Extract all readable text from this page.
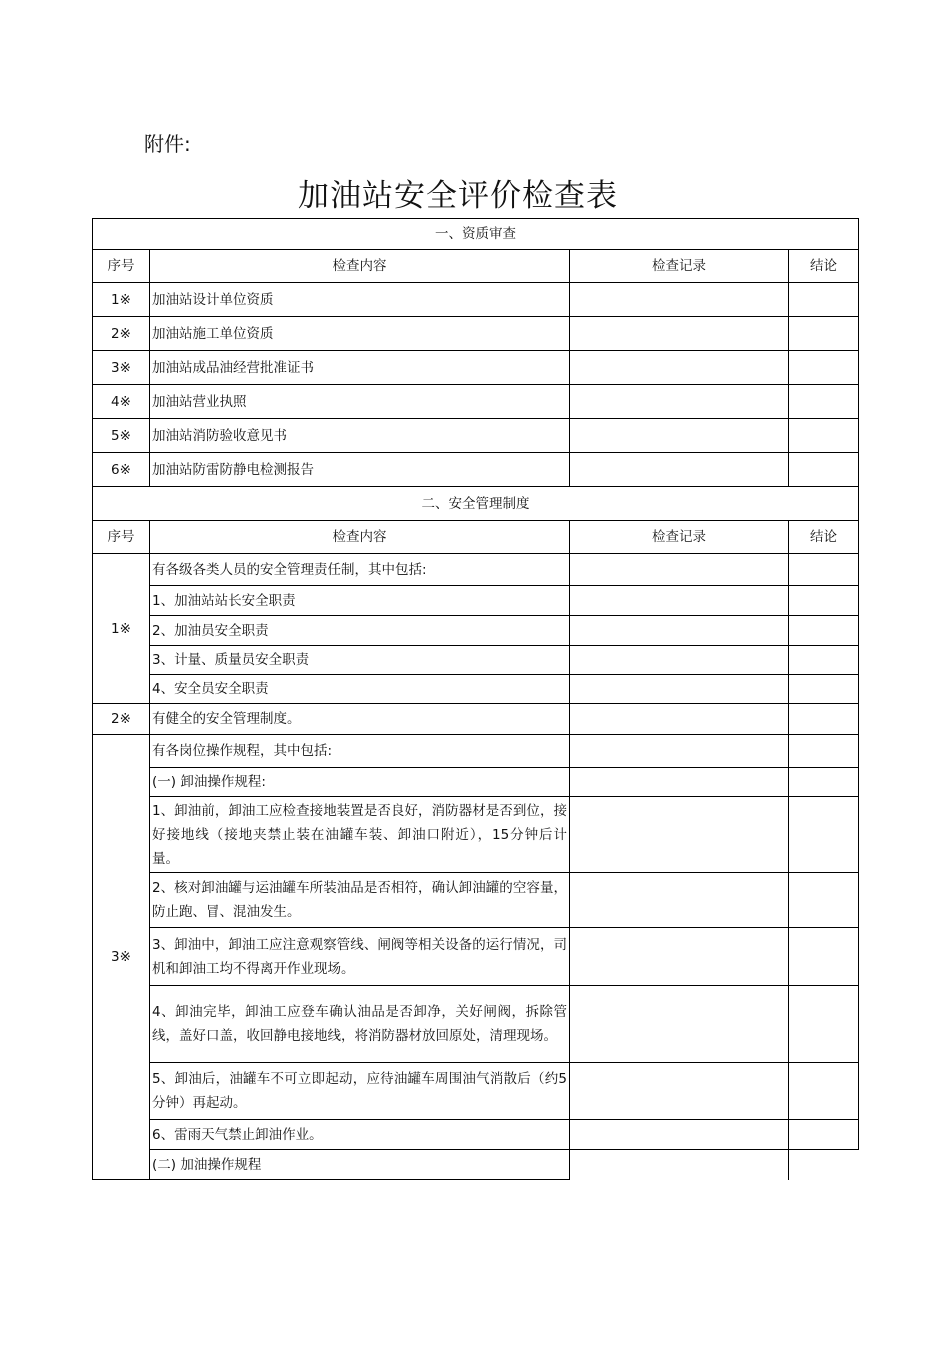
附件:
加油站安全评价检查表
一、资质审查			
序号	检查内容	检查记录	结论
1※	加油站设计单位资质		
2※	加油站施工单位资质		
3※	加油站成品油经营批准证书		
4※	加油站营业执照		
5※	加油站消防验收意见书		
6※	加油站防雷防静电检测报告		
二、安全管理制度			
序号	检查内容	检查记录	结论
1※	有各级各类人员的安全管理责任制，其中包括:		
	1、加油站站长安全职责		
	2、加油员安全职责		
	3、计量、质量员安全职责		
	4、安全员安全职责		
2※	有健全的安全管理制度。		
3※	有各岗位操作规程，其中包括:		
	(一) 卸油操作规程:		
	1、卸油前，卸油工应检查接地装置是否良好，消防器材是否到位，接好接地线（接地夹禁止装在油罐车装、卸油口附近），15分钟后计量。		
	2、核对卸油罐与运油罐车所装油品是否相符，确认卸油罐的空容量，防止跑、冒、混油发生。		
	3、卸油中，卸油工应注意观察管线、闸阀等相关设备的运行情况，司机和卸油工均不得离开作业现场。		
	4、卸油完毕，卸油工应登车确认油品是否卸净，关好闸阀，拆除管线，盖好口盖，收回静电接地线，将消防器材放回原处，清理现场。		
	5、卸油后，油罐车不可立即起动，应待油罐车周围油气消散后（约5分钟）再起动。		
	6、雷雨天气禁止卸油作业。		
	(二) 加油操作规程		
